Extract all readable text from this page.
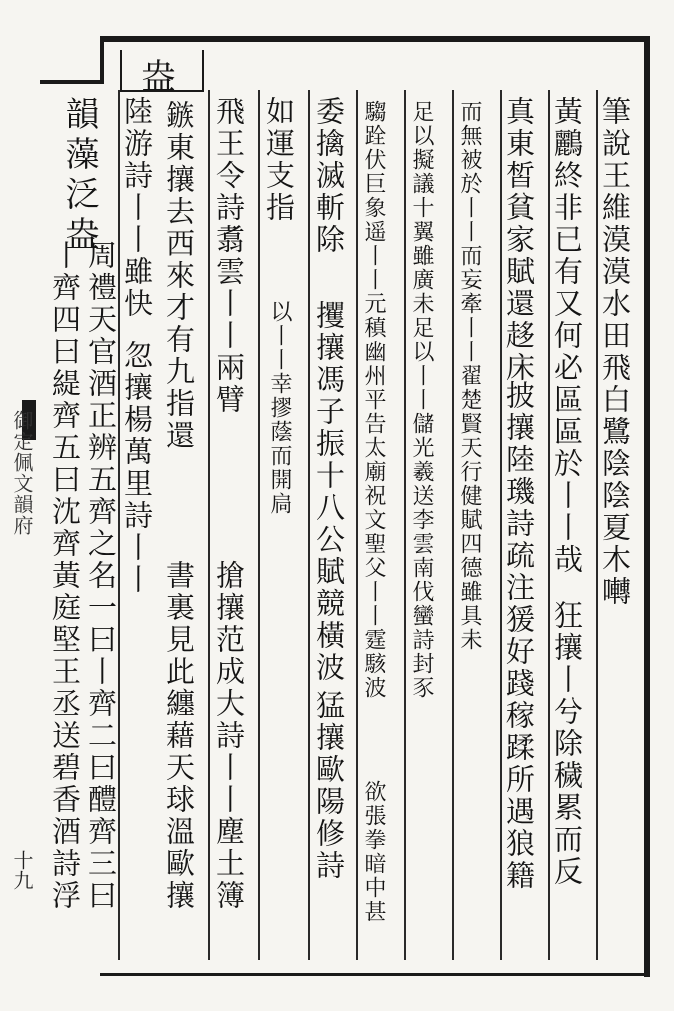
御定佩文韻府
十九
盎
筆說王維漠漠水田飛白鷺陰陰夏木囀
黃鸝終非已有又何必區區於丨丨哉
狂攘丨兮除穢累而反
真東皙貧家賦還趍床
披攘陸璣詩疏注猨好踐稼蹂所遇狼籍
而無被於丨丨而妄牽丨丨翟楚賢天行健賦四德雖具未
足以擬議十翼雖廣未足以丨丨儲光羲送李雲南伐蠻詩封豕
騶跧伏巨象遥丨丨元稹幽州平告太廟祝文聖父丨丨霆駭波
委擒滅斬除
攫攘馮子振十八公賦競橫波
猛攘歐陽修詩 欲張拳暗中甚
如運支指
以丨丨幸摎蔭而開扃
飛王令詩翥雲丨丨兩臂
搶攘范成大詩丨丨塵土簿
鏃東攘去西來才有九指還
書裏見此纏藉天球溫歐攘
陸游詩丨丨雖快
忽攘楊萬里詩丨丨
韻藻泛盎
周禮天官酒正辨五齊之名一曰丨齊二曰醴齊三曰
丨齊四曰緹齊五曰沈齊黃庭堅王丞送碧香酒詩浮
